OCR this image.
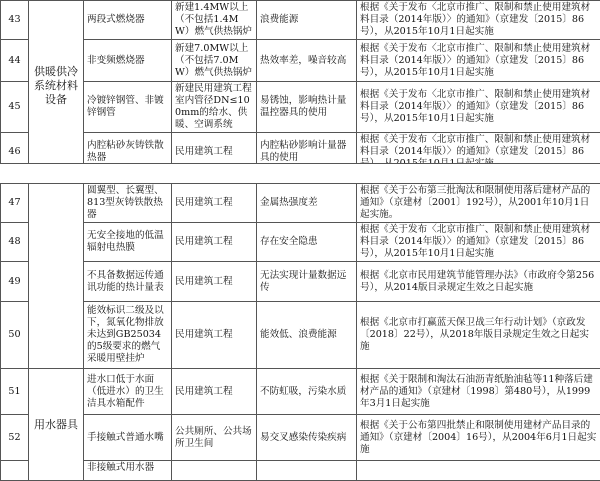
43	供暖供冷系统材料设备	两段式燃烧器	新建1.4MW以上（不包括1.4MW）燃气供热锅炉	浪费能源	根据《关于发布〈北京市推广、限制和禁止使用建筑材料目录（2014年版）〉的通知》（京建发〔2015〕86号），从2015年10月1日起实施
44		非变频燃烧器	新建7.0MW以上（不包括7.0MW）燃气供热锅炉	热效率差，噪音较高	根据《关于发布〈北京市推广、限制和禁止使用建筑材料目录（2014年版）〉的通知》（京建发〔2015〕86号），从2015年10月1日起实施
45		冷镀锌钢管、非镀锌钢管	新建民用建筑工程室内管径DN≤100mm的给水、供暖、空调系统	易锈蚀，影响热计量温控器具的使用	根据《关于发布〈北京市推广、限制和禁止使用建筑材料目录（2014年版）〉的通知》（京建发〔2015〕86号），从2015年10月1日起实施
46		内腔粘砂灰铸铁散热器	民用建筑工程	内腔粘砂影响计量器具的使用	根据《关于发布〈北京市推广、限制和禁止使用建筑材料目录（2014年版）〉的通知》（京建发〔2015〕86
47		圆翼型、长翼型、813型灰铸铁散热器	民用建筑工程	金属热强度差	根据《关于公布第三批淘汰和限制使用落后建材产品的通知》（京建材〔2001〕192号），从2001年10月1日起实施。
48		无安全接地的低温辐射电热膜	民用建筑工程	存在安全隐患	根据《关于发布〈北京市推广、限制和禁止使用建筑材料目录（2014年版）〉的通知》（京建发〔2015〕86号），从2015年10月1日起实施
49		不具备数据远传通讯功能的热计量表	民用建筑工程	无法实现计量数据远传	根据《北京市民用建筑节能管理办法》（市政府令第256号），从2014版目录规定生效之日起实施
50		能效标识二级及以下，氮氧化物排放未达到GB25034的5级要求的燃气采暖用壁挂炉	民用建筑工程	能效低、浪费能源	根据《北京市打赢蓝天保卫战三年行动计划》（京政发〔2018〕22号），从2018年版目录规定生效之日起实施
51	用水器具	进水口低于水面（低进水）的卫生洁具水箱配件	民用建筑工程	不防虹吸，污染水质	根据《关于限制和淘汰石油沥青纸胎油毡等11种落后建材产品的通知》（京建材〔1998〕第480号），从1999年3月1日起实施
52		手接触式普通水嘴	公共厕所、公共场所卫生间	易交叉感染传染疾病	根据《关于公布第四批禁止和限制使用建材产品目录的通知》（京建材〔2004〕16号），从2004年6月1日起实施
		非接触式用水器			
